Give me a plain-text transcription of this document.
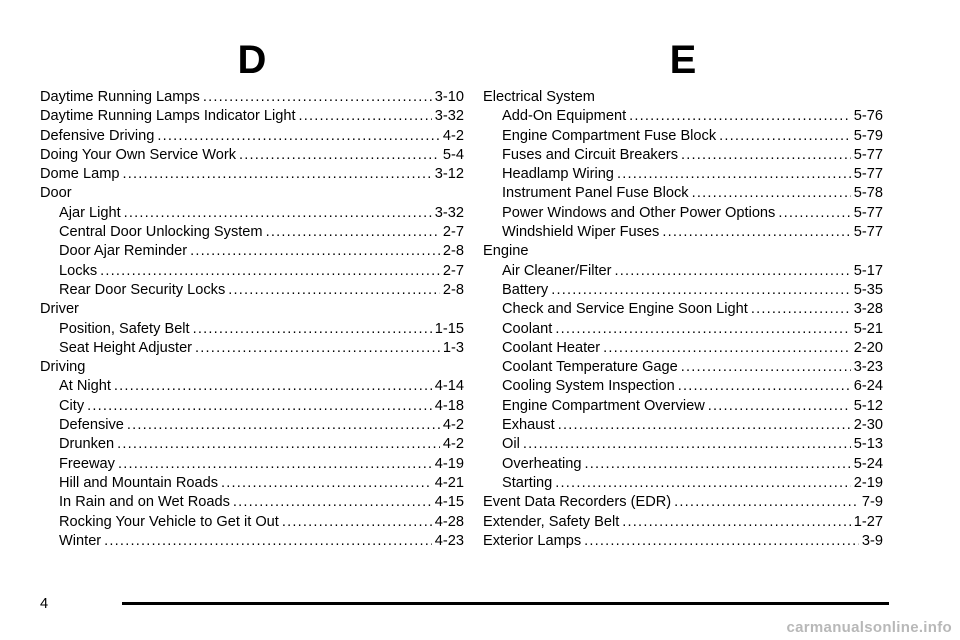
D
Daytime Running Lamps .....	3-10
Daytime Running Lamps Indicator Light .....	3-32
Defensive Driving .....	4-2
Doing Your Own Service Work .....	5-4
Dome Lamp .....	3-12
Door
Ajar Light .....	3-32
Central Door Unlocking System .....	2-7
Door Ajar Reminder .....	2-8
Locks .....	2-7
Rear Door Security Locks .....	2-8
Driver
Position, Safety Belt .....	1-15
Seat Height Adjuster .....	1-3
Driving
At Night .....	4-14
City .....	4-18
Defensive .....	4-2
Drunken .....	4-2
Freeway .....	4-19
Hill and Mountain Roads .....	4-21
In Rain and on Wet Roads .....	4-15
Rocking Your Vehicle to Get it Out .....	4-28
Winter .....	4-23
E
Electrical System
Add-On Equipment .....	5-76
Engine Compartment Fuse Block .....	5-79
Fuses and Circuit Breakers .....	5-77
Headlamp Wiring .....	5-77
Instrument Panel Fuse Block .....	5-78
Power Windows and Other Power Options .....	5-77
Windshield Wiper Fuses .....	5-77
Engine
Air Cleaner/Filter .....	5-17
Battery .....	5-35
Check and Service Engine Soon Light .....	3-28
Coolant .....	5-21
Coolant Heater .....	2-20
Coolant Temperature Gage .....	3-23
Cooling System Inspection .....	6-24
Engine Compartment Overview .....	5-12
Exhaust .....	2-30
Oil .....	5-13
Overheating .....	5-24
Starting .....	2-19
Event Data Recorders (EDR) .....	7-9
Extender, Safety Belt .....	1-27
Exterior Lamps .....	3-9
4
carmanualsonline.info
